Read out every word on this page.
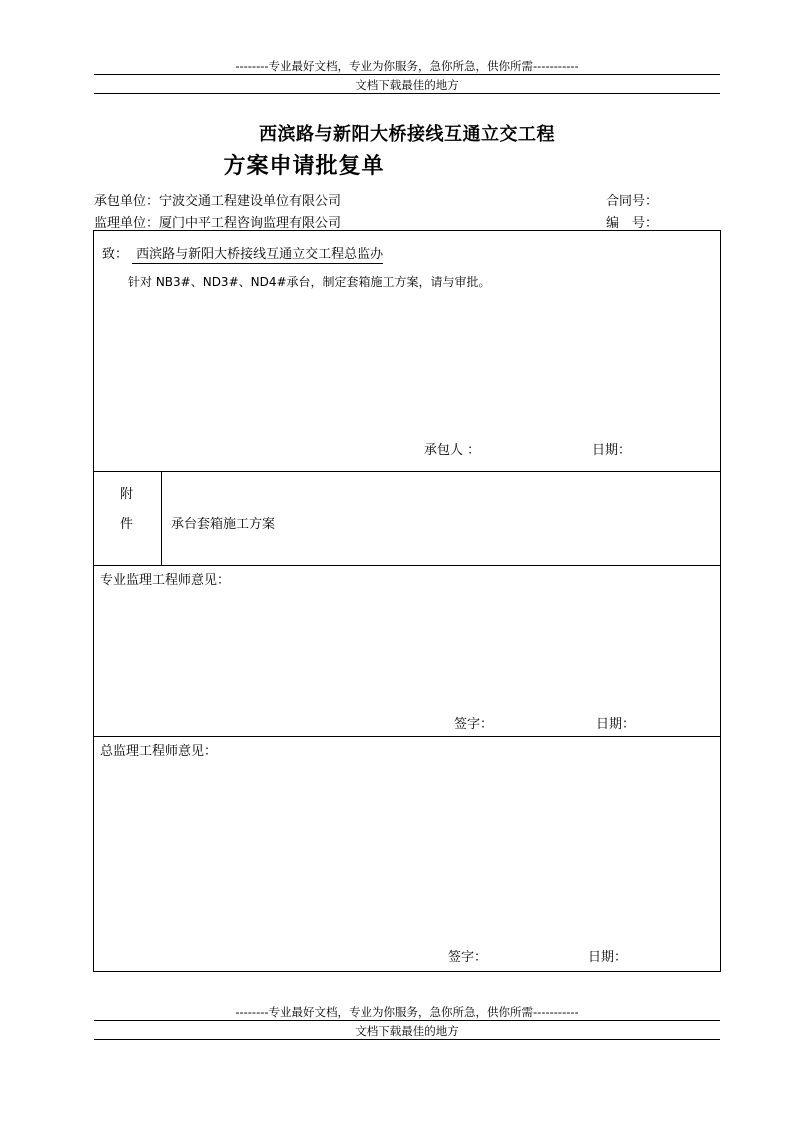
--------专业最好文档，专业为你服务，急你所急，供你所需-----------
文档下载最佳的地方
西滨路与新阳大桥接线互通立交工程
方案申请批复单
承包单位：宁波交通工程建设单位有限公司	合同号：
监理单位：厦门中平工程咨询监理有限公司	编　号：
致： 西滨路与新阳大桥接线互通立交工程总监办
针对 NB3#、ND3#、ND4#承台，制定套箱施工方案，请与审批。
承包人 ：	日期：
附
件	承台套箱施工方案
专业监理工程师意见：
签字：	日期：
总监理工程师意见：
签字：	日期：
--------专业最好文档，专业为你服务，急你所急，供你所需-----------
文档下载最佳的地方
